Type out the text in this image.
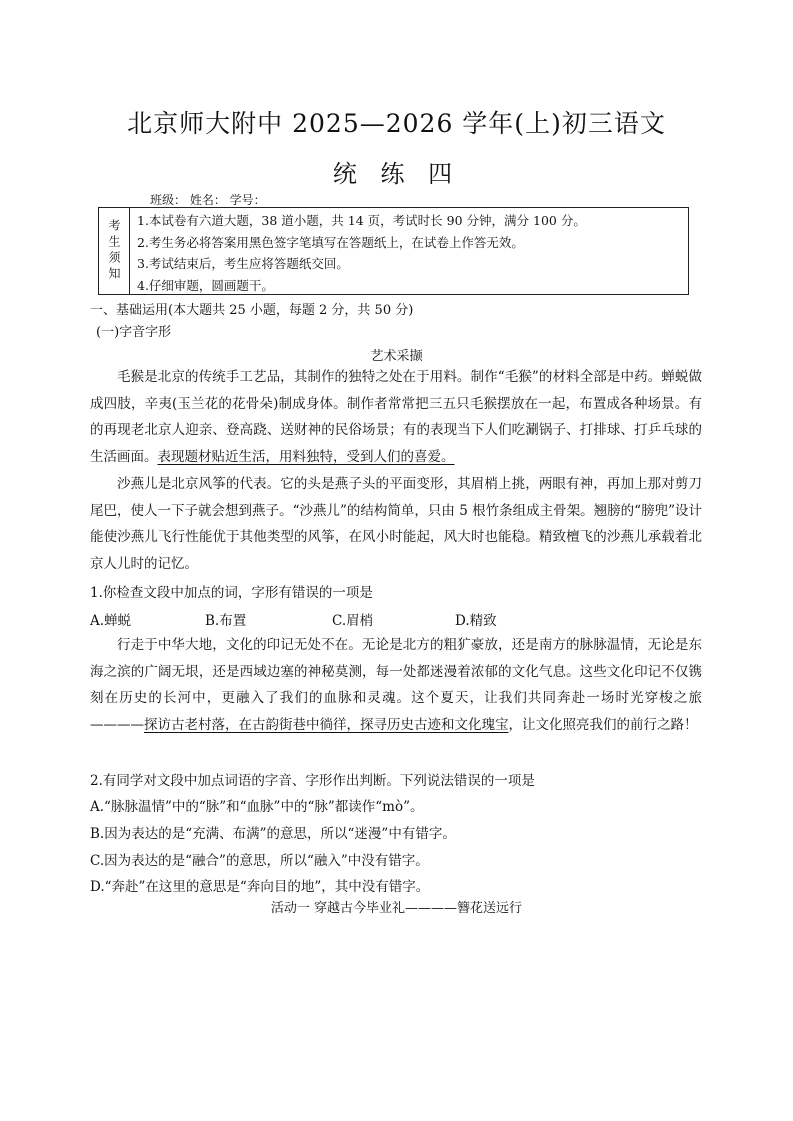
北京师大附中 2025—2026 学年(上)初三语文
统 练 四
班级： 姓名： 学号：
考生须知 1.本试卷有六道大题，38 道小题，共 14 页，考试时长 90 分钟，满分 100 分。
2.考生务必将答案用黑色签字笔填写在答题纸上，在试卷上作答无效。
3.考试结束后，考生应将答题纸交回。
4.仔细审题，圆画题干。
一、基础运用(本大题共 25 小题，每题 2 分，共 50 分)
(一)字音字形
艺术采撷
毛猴是北京的传统手工艺品，其制作的独特之处在于用料。制作“毛猴”的材料全部是中药。蝉蜕做成四肢，辛夷(玉兰花的花骨朵)制成身体。制作者常常把三五只毛猴摆放在一起，布置成各种场景。有的再现老北京人迎亲、登高跷、送财神的民俗场景；有的表现当下人们吃涮锅子、打排球、打乒乓球的生活画面。表现题材贴近生活，用料独特，受到人们的喜爱。
沙燕儿是北京风筝的代表。它的头是燕子头的平面变形，其眉梢上挑，两眼有神，再加上那对剪刀尾巴，使人一下子就会想到燕子。“沙燕儿”的结构简单，只由 5 根竹条组成主骨架。翘膀的“膀兜”设计能使沙燕儿飞行性能优于其他类型的风筝，在风小时能起，风大时也能稳。精致檀飞的沙燕儿承载着北京人儿时的记忆。
1.你检查文段中加点的词，字形有错误的一项是
A.蝉蜕	B.布置	C.眉梢	D.精致
行走于中华大地，文化的印记无处不在。无论是北方的粗犷豪放，还是南方的脉脉温情，无论是东海之滨的广阔无垠，还是西域边塞的神秘莫测，每一处都迷漫着浓郁的文化气息。这些文化印记不仅镌刻在历史的长河中，更融入了我们的血脉和灵魂。这个夏天，让我们共同奔赴一场时光穿梭之旅————探访古老村落，在古韵街巷中徜徉，探寻历史古迹和文化瑰宝，让文化照亮我们的前行之路！
2.有同学对文段中加点词语的字音、字形作出判断。下列说法错误的一项是
A.“脉脉温情”中的“脉”和“血脉”中的“脉”都读作“mò”。
B.因为表达的是“充满、布满”的意思，所以“迷漫”中有错字。
C.因为表达的是“融合”的意思，所以“融入”中没有错字。
D.“奔赴”在这里的意思是“奔向目的地”，其中没有错字。
活动一 穿越古今毕业礼————簪花送远行
